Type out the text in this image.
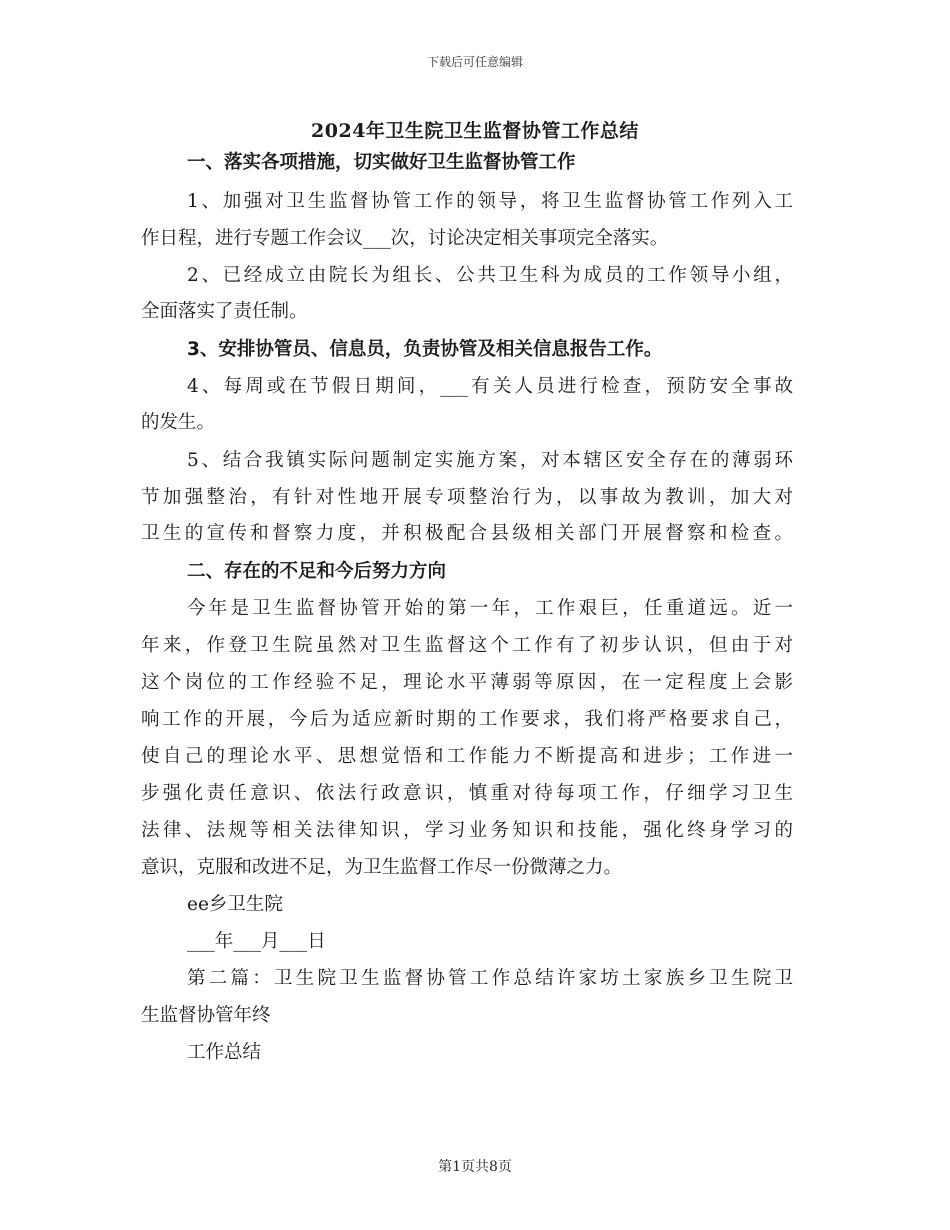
下载后可任意编辑
2024年卫生院卫生监督协管工作总结
一、落实各项措施，切实做好卫生监督协管工作
1、加强对卫生监督协管工作的领导，将卫生监督协管工作列入工
作日程，进行专题工作会议___次，讨论决定相关事项完全落实。
2、已经成立由院长为组长、公共卫生科为成员的工作领导小组，
全面落实了责任制。
3、安排协管员、信息员，负责协管及相关信息报告工作。
4、每周或在节假日期间，___有关人员进行检查，预防安全事故
的发生。
5、结合我镇实际问题制定实施方案，对本辖区安全存在的薄弱环
节加强整治，有针对性地开展专项整治行为，以事故为教训，加大对
卫生的宣传和督察力度，并积极配合县级相关部门开展督察和检查。
二、存在的不足和今后努力方向
今年是卫生监督协管开始的第一年，工作艰巨，任重道远。近一
年来，作登卫生院虽然对卫生监督这个工作有了初步认识，但由于对
这个岗位的工作经验不足，理论水平薄弱等原因，在一定程度上会影
响工作的开展，今后为适应新时期的工作要求，我们将严格要求自己，
使自己的理论水平、思想觉悟和工作能力不断提高和进步；工作进一
步强化责任意识、依法行政意识，慎重对待每项工作，仔细学习卫生
法律、法规等相关法律知识，学习业务知识和技能，强化终身学习的
意识，克服和改进不足，为卫生监督工作尽一份微薄之力。
ee乡卫生院
___年___月___日
第二篇：卫生院卫生监督协管工作总结许家坊土家族乡卫生院卫
生监督协管年终
工作总结
第1页共8页
